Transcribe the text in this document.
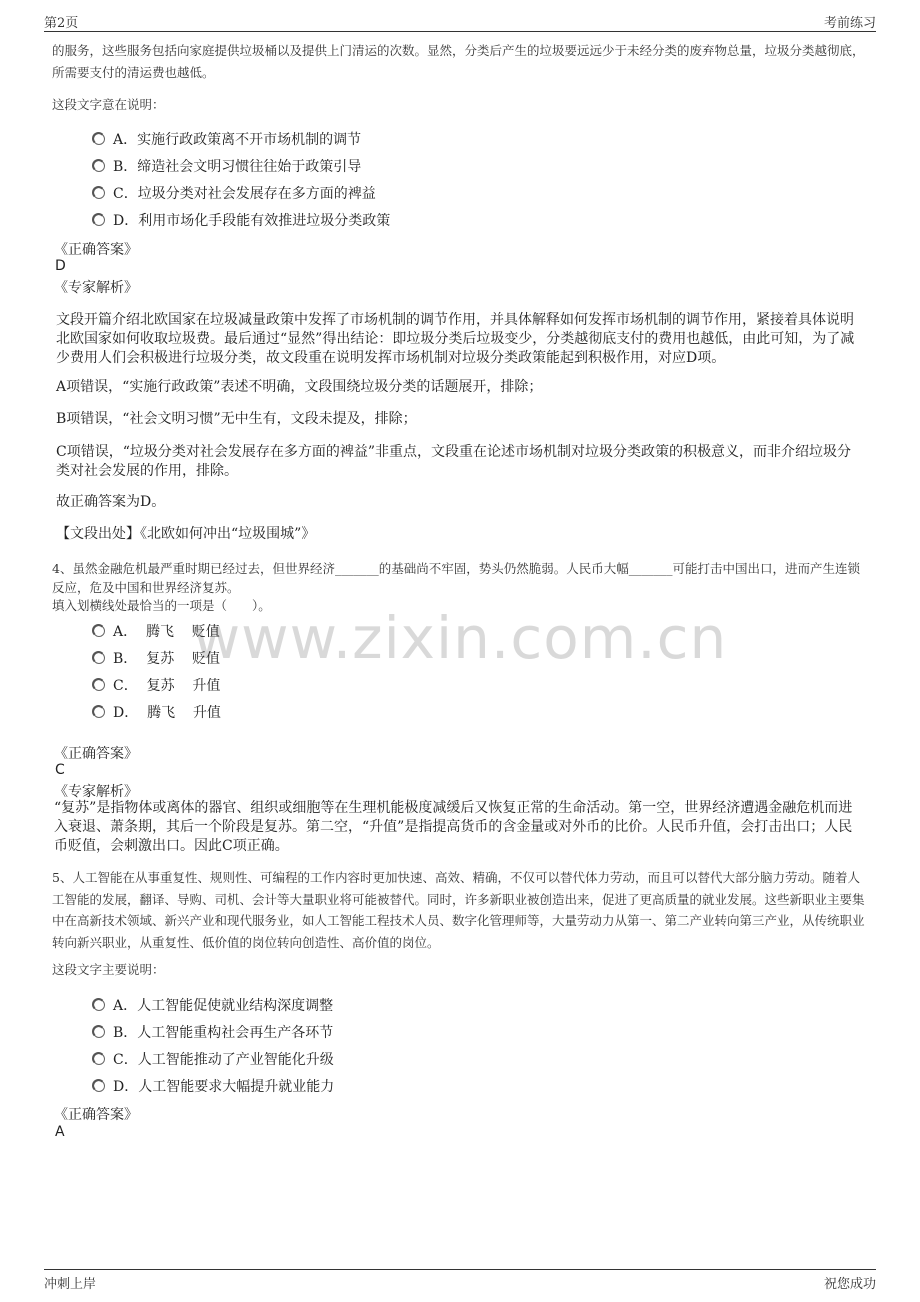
第2页	考前练习
www.zixin.com.cn
的服务，这些服务包括向家庭提供垃圾桶以及提供上门清运的次数。显然，分类后产生的垃圾要远远少于未经分类的废弃物总量，垃圾分类越彻底，所需要支付的清运费也越低。
这段文字意在说明：
A．实施行政政策离不开市场机制的调节
B．缔造社会文明习惯往往始于政策引导
C．垃圾分类对社会发展存在多方面的裨益
D．利用市场化手段能有效推进垃圾分类政策
《正确答案》
D
《专家解析》
文段开篇介绍北欧国家在垃圾减量政策中发挥了市场机制的调节作用，并具体解释如何发挥市场机制的调节作用，紧接着具体说明北欧国家如何收取垃圾费。最后通过“显然”得出结论：即垃圾分类后垃圾变少，分类越彻底支付的费用也越低，由此可知，为了减少费用人们会积极进行垃圾分类，故文段重在说明发挥市场机制对垃圾分类政策能起到积极作用，对应D项。
A项错误，“实施行政政策”表述不明确，文段围绕垃圾分类的话题展开，排除；
B项错误，“社会文明习惯”无中生有，文段未提及，排除；
C项错误，“垃圾分类对社会发展存在多方面的裨益”非重点，文段重在论述市场机制对垃圾分类政策的积极意义，而非介绍垃圾分类对社会发展的作用，排除。
故正确答案为D。
【文段出处】《北欧如何冲出“垃圾围城”》
4、虽然金融危机最严重时期已经过去，但世界经济_______的基础尚不牢固，势头仍然脆弱。人民币大幅_______可能打击中国出口，进而产生连锁反应，危及中国和世界经济复苏。
填入划横线处最恰当的一项是（　　）。
A．  腾飞    贬值
B．  复苏    贬值
C．  复苏    升值
D．  腾飞    升值
《正确答案》
C
《专家解析》
“复苏”是指物体或离体的器官、组织或细胞等在生理机能极度减缓后又恢复正常的生命活动。第一空，世界经济遭遇金融危机而进入衰退、萧条期，其后一个阶段是复苏。第二空，“升值”是指提高货币的含金量或对外币的比价。人民币升值，会打击出口；人民币贬值，会刺激出口。因此C项正确。
5、人工智能在从事重复性、规则性、可编程的工作内容时更加快速、高效、精确，不仅可以替代体力劳动，而且可以替代大部分脑力劳动。随着人工智能的发展，翻译、导购、司机、会计等大量职业将可能被替代。同时，许多新职业被创造出来，促进了更高质量的就业发展。这些新职业主要集中在高新技术领域、新兴产业和现代服务业，如人工智能工程技术人员、数字化管理师等，大量劳动力从第一、第二产业转向第三产业，从传统职业转向新兴职业，从重复性、低价值的岗位转向创造性、高价值的岗位。
这段文字主要说明：
A．人工智能促使就业结构深度调整
B．人工智能重构社会再生产各环节
C．人工智能推动了产业智能化升级
D．人工智能要求大幅提升就业能力
《正确答案》
A
冲刺上岸	祝您成功
